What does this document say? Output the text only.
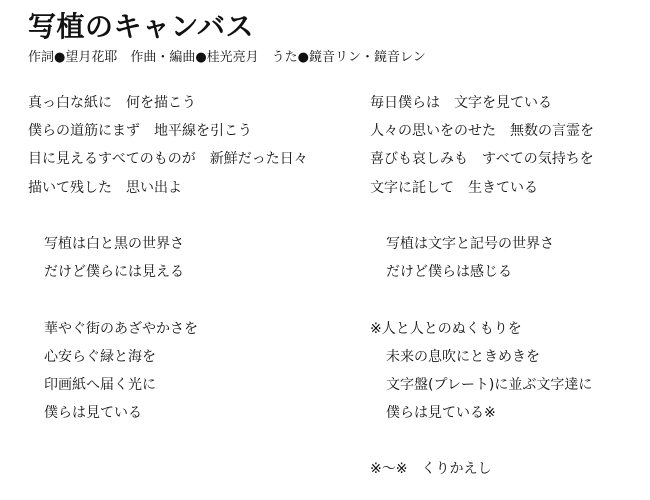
写植のキャンバス
作詞●望月花耶　作曲・編曲●桂光亮月　うた●鏡音リン・鏡音レン
真っ白な紙に　何を描こう
僕らの道筋にまず　地平線を引こう
目に見えるすべてのものが　新鮮だった日々
描いて残した　思い出よ
写植は白と黒の世界さ
だけど僕らには見える
華やぐ街のあざやかさを
心安らぐ緑と海を
印画紙へ届く光に
僕らは見ている
毎日僕らは　文字を見ている
人々の思いをのせた　無数の言霊を
喜びも哀しみも　すべての気持ちを
文字に託して　生きている
写植は文字と記号の世界さ
だけど僕らは感じる
※人と人とのぬくもりを
未来の息吹にときめきを
文字盤(プレート)に並ぶ文字達に
僕らは見ている※
※～※　くりかえし
